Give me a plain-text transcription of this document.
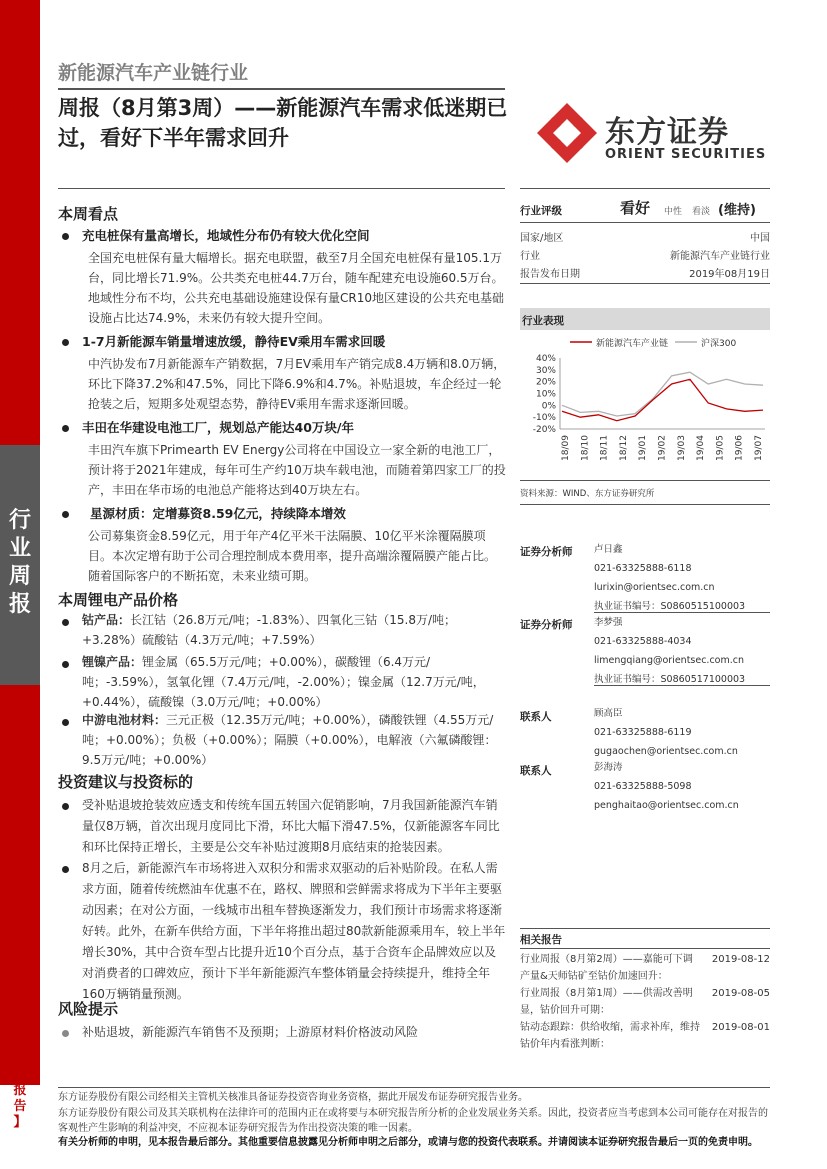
行
业
周
报
【
行
业
·
证
券
研
究
报
告
】
新能源汽车产业链行业
周报（8月第3周）——新能源汽车需求低迷期已过，看好下半年需求回升	东方证券
ORIENT SECURITIES
本周看点
充电桩保有量高增长，地域性分布仍有较大优化空间
全国充电桩保有量大幅增长。据充电联盟，截至7月全国充电桩保有量105.1万台，同比增长71.9%。公共类充电桩44.7万台，随车配建充电设施60.5万台。地域性分布不均，公共充电基础设施建设保有量CR10地区建设的公共充电基础设施占比达74.9%，未来仍有较大提升空间。
1-7月新能源车销量增速放缓，静待EV乘用车需求回暖
中汽协发布7月新能源车产销数据，7月EV乘用车产销完成8.4万辆和8.0万辆，环比下降37.2%和47.5%，同比下降6.9%和4.7%。补贴退坡，车企经过一轮抢装之后，短期多处观望态势，静待EV乘用车需求逐渐回暖。
丰田在华建设电池工厂，规划总产能达40万块/年
丰田汽车旗下Primearth EV Energy公司将在中国设立一家全新的电池工厂，预计将于2021年建成，每年可生产约10万块车载电池，而随着第四家工厂的投产，丰田在华市场的电池总产能将达到40万块左右。
星源材质：定增募资8.59亿元，持续降本增效
公司募集资金8.59亿元，用于年产4亿平米干法隔膜、10亿平米涂覆隔膜项目。本次定增有助于公司合理控制成本费用率，提升高端涂覆隔膜产能占比。随着国际客户的不断拓宽，未来业绩可期。
本周锂电产品价格
钴产品：长江钴（26.8万元/吨；-1.83%）、四氧化三钴（15.8万/吨；+3.28%）硫酸钴（4.3万元/吨；+7.59%）
锂镍产品：锂金属（65.5万元/吨；+0.00%），碳酸锂（6.4万元/吨；-3.59%），氢氧化锂（7.4万元/吨，-2.00%）；镍金属（12.7万元/吨，+0.44%），硫酸镍（3.0万元/吨；+0.00%）
中游电池材料：三元正极（12.35万元/吨；+0.00%），磷酸铁锂（4.55万元/吨；+0.00%）；负极（+0.00%）；隔膜（+0.00%），电解液（六氟磷酸锂：9.5万元/吨；+0.00%）
投资建议与投资标的
受补贴退坡抢装效应透支和传统车国五转国六促销影响，7月我国新能源汽车销量仅8万辆，首次出现月度同比下滑，环比大幅下滑47.5%，仅新能源客车同比和环比保持正增长，主要是公交车补贴过渡期8月底结束的抢装因素。
8月之后，新能源汽车市场将进入双积分和需求双驱动的后补贴阶段。在私人需求方面，随着传统燃油车优惠不在，路权、牌照和尝鲜需求将成为下半年主要驱动因素；在对公方面，一线城市出租车替换逐渐发力，我们预计市场需求将逐渐好转。此外，在新车供给方面，下半年将推出超过80款新能源乘用车，较上半年增长30%，其中合资车型占比提升近10个百分点，基于合资车企品牌效应以及对消费者的口碑效应，预计下半年新能源汽车整体销量会持续提升，维持全年160万辆销量预测。
风险提示
补贴退坡，新能源汽车销售不及预期；上游原材料价格波动风险
行业评级	看好 中性 看淡 (维持)
国家/地区	中国
行业	新能源汽车产业链行业
报告发布日期	2019年08月19日
行业表现
新能源汽车产业链	沪深300
40%
30%
20%
10%
0%
-10%
-20%
18/09 18/10 18/11 18/12 19/01 19/02 19/03 19/04 19/05 19/06 19/07
资料来源：WIND、东方证券研究所
证券分析师 卢日鑫
021-63325888-6118
lurixin@orientsec.com.cn
执业证书编号：S0860515100003
证券分析师 李梦强
021-63325888-4034
limengqiang@orientsec.com.cn
执业证书编号：S0860517100003
联系人	顾高臣
021-63325888-6119
gugaochen@orientsec.com.cn
联系人	彭海涛
021-63325888-5098
penghaitao@orientsec.com.cn
相关报告
行业周报（8月第2周）——嘉能可下调产量&天师钴矿至钴价加速回升：
2019-08-12
行业周报（8月第1周）——供需改善明显，钴价回升可期：
2019-08-05
钴动态跟踪：供给收缩，需求补库，维持钴价年内看涨判断：
2019-08-01
东方证券股份有限公司经相关主管机关核准具备证券投资咨询业务资格，据此开展发布证券研究报告业务。
东方证券股份有限公司及其关联机构在法律许可的范围内正在或将要与本研究报告所分析的企业发展业务关系。因此，投资者应当考虑到本公司可能存在对报告的客观性产生影响的利益冲突，不应视本证券研究报告为作出投资决策的唯一因素。
有关分析师的申明，见本报告最后部分。其他重要信息披露见分析师申明之后部分，或请与您的投资代表联系。并请阅读本证券研究报告最后一页的免责申明。
